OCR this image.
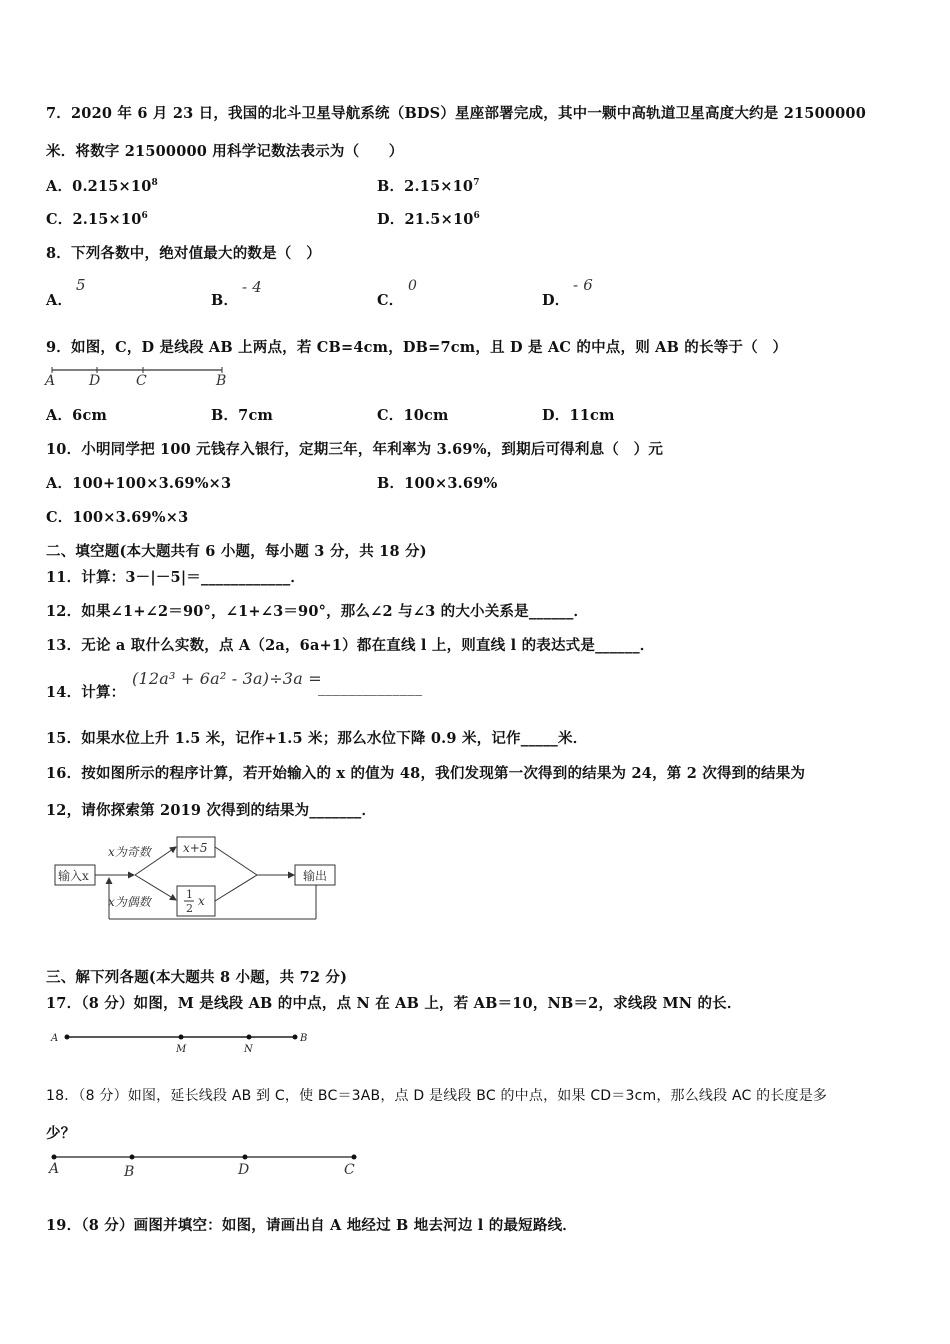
7．2020 年 6 月 23 日，我国的北斗卫星导航系统（BDS）星座部署完成，其中一颗中高轨道卫星高度大约是 21500000
米．将数字 21500000 用科学记数法表示为（　　）
A．$0.215\times 10^8$	B．$2.15\times 10^7$
C．$2.15\times 10^6$	D．$21.5\times 10^6$
8．下列各数中，绝对值最大的数是（　）
A．
5
B．
- 4
C．
0
D．
- 6
9．如图，C，D 是线段 AB 上两点，若 CB=4cm，DB=7cm，且 D 是 AC 的中点，则 AB 的长等于（　）
A D	C	B
A．6cm	B．7cm	C．10cm	D．11cm
10．小明同学把 100 元钱存入银行，定期三年，年利率为 3.69%，到期后可得利息（　）元
A．100+100×3.69%×3	B．100×3.69%
C．100×3.69%×3
二、填空题(本大题共有 6 小题，每小题 3 分，共 18 分)
11．计算：3－|－5|＝____________．
12．如果∠1+∠2＝90°，∠1+∠3＝90°，那么∠2 与∠3 的大小关系是______．
13．无论 a 取什么实数，点 A（2a，6a+1）都在直线 l 上，则直线 l 的表达式是______．
14．计算：
(12a³ + 6a² - 3a)÷3a =
______________
15．如果水位上升 1.5 米，记作+1.5 米；那么水位下降 0.9 米，记作_____米．
16．按如图所示的程序计算，若开始输入的 x 的值为 48，我们发现第一次得到的结果为 24，第 2 次得到的结果为
12，请你探索第 2019 次得到的结果为_______．
输入x
x为奇数
x为偶数
x+5
1
2
x
输出
三、解下列各题(本大题共 8 小题，共 72 分)
17．（8 分）如图，M 是线段 AB 的中点，点 N 在 AB 上，若 AB＝10，NB＝2，求线段 MN 的长．
A
M	N
B
18．（8 分）如图，延长线段 AB 到 C，使 BC＝3AB，点 D 是线段 BC 的中点，如果 CD＝3cm，那么线段 AC 的长度是多
少？
A	B	D	C
19．（8 分）画图并填空：如图，请画出自 A 地经过 B 地去河边 l 的最短路线．
